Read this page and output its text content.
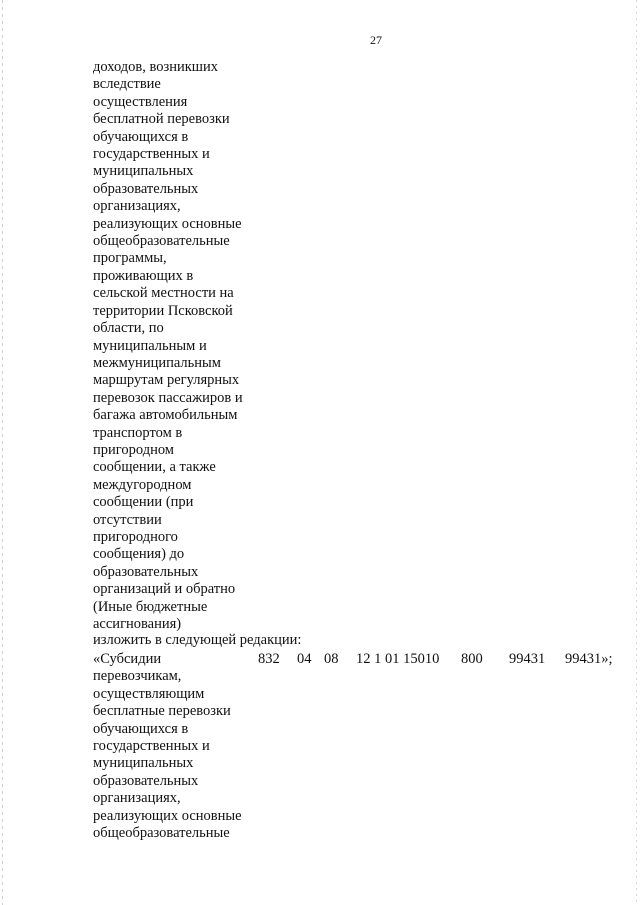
27
доходов, возникших
вследствие
осуществления
бесплатной перевозки
обучающихся в
государственных и
муниципальных
образовательных
организациях,
реализующих основные
общеобразовательные
программы,
проживающих в
сельской местности на
территории Псковской
области, по
муниципальным и
межмуниципальным
маршрутам регулярных
перевозок пассажиров и
багажа автомобильным
транспортом в
пригородном
сообщении, а также
междугородном
сообщении (при
отсутствии
пригородного
сообщения) до
образовательных
организаций и обратно
(Иные бюджетные
ассигнования)
изложить в следующей редакции:
«Субсидии
перевозчикам,
осуществляющим
бесплатные перевозки
обучающихся в
государственных и
муниципальных
образовательных
организациях,
реализующих основные
общеобразовательные
832 04 08 12 1 01 15010 800 99431 99431»;
